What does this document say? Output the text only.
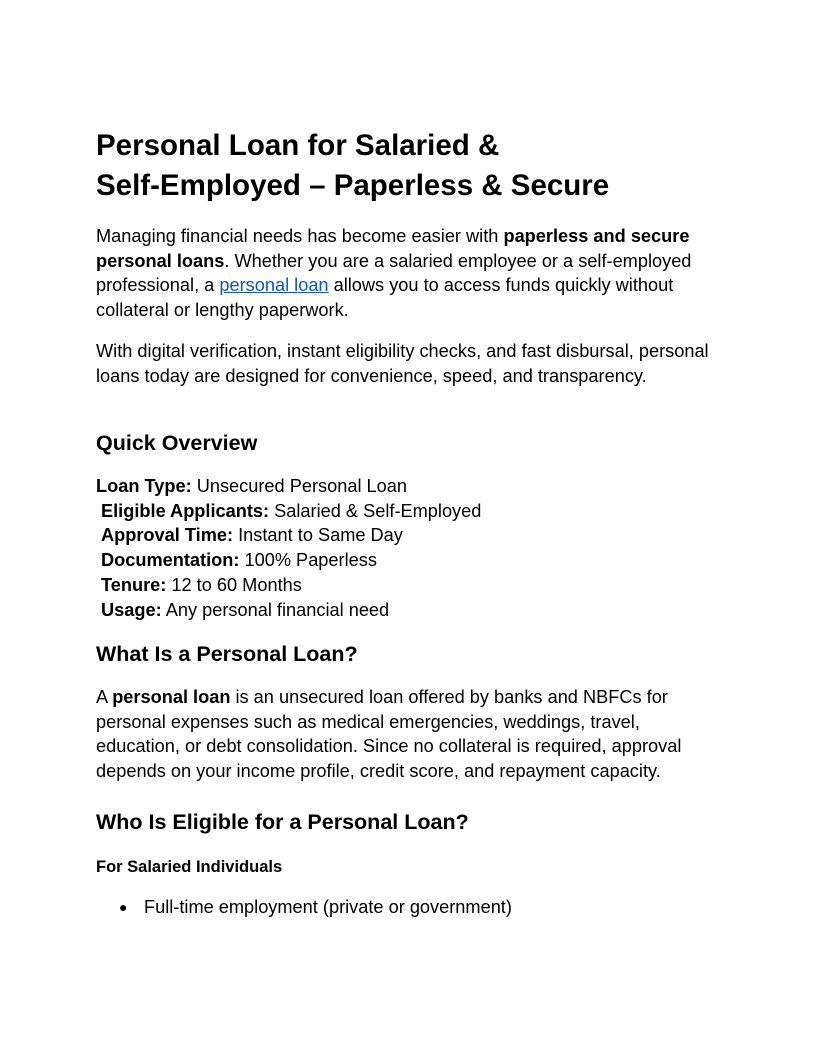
Personal Loan for Salaried &
Self-Employed – Paperless & Secure

Managing financial needs has become easier with paperless and secure personal loans. Whether you are a salaried employee or a self-employed professional, a personal loan allows you to access funds quickly without collateral or lengthy paperwork.

With digital verification, instant eligibility checks, and fast disbursal, personal loans today are designed for convenience, speed, and transparency.

Quick Overview
Loan Type: Unsecured Personal Loan
Eligible Applicants: Salaried & Self-Employed
Approval Time: Instant to Same Day
Documentation: 100% Paperless
Tenure: 12 to 60 Months
Usage: Any personal financial need
What Is a Personal Loan?

A personal loan is an unsecured loan offered by banks and NBFCs for personal expenses such as medical emergencies, weddings, travel, education, or debt consolidation. Since no collateral is required, approval depends on your income profile, credit score, and repayment capacity.

Who Is Eligible for a Personal Loan?
For Salaried Individuals
● Full-time employment (private or government)
